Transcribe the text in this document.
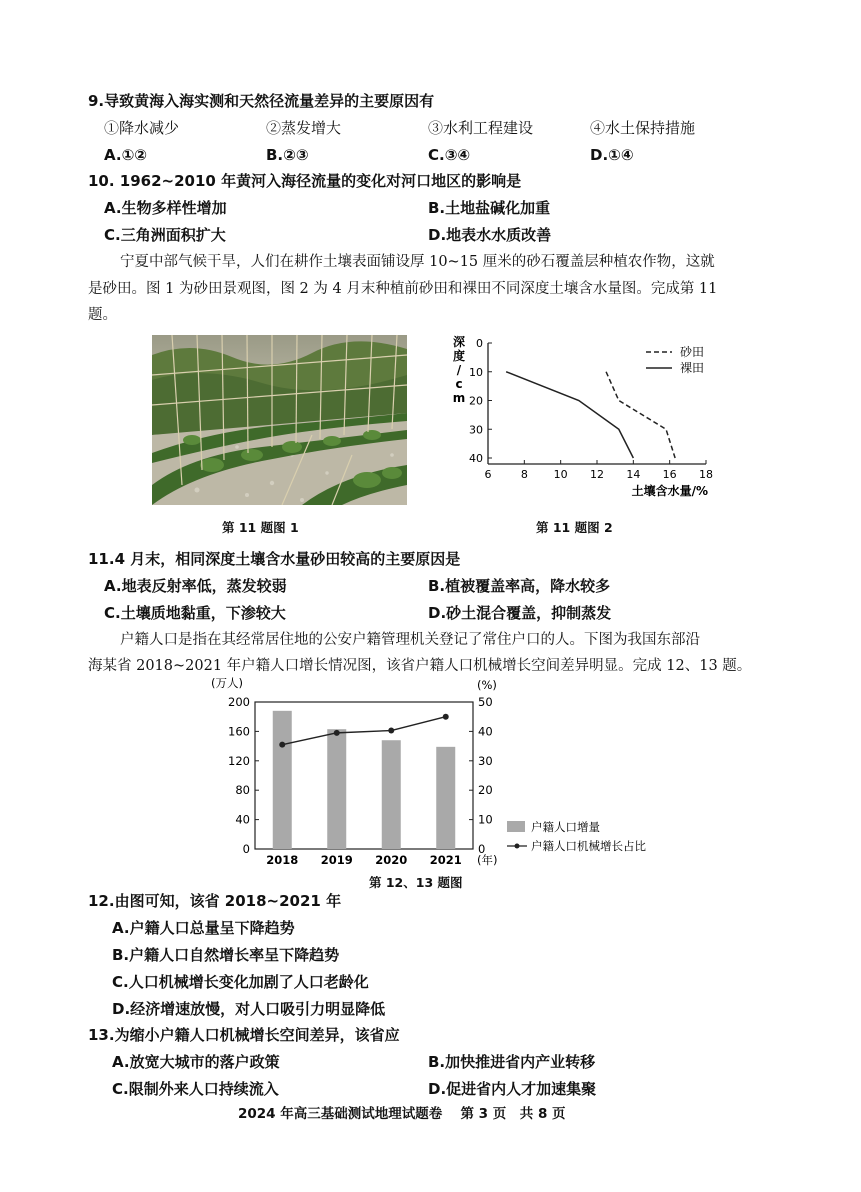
9.导致黄海入海实测和天然径流量差异的主要原因有
①降水减少	②蒸发增大	③水利工程建设	④水土保持措施
A.①②	B.②③	C.③④	D.①④
10. 1962~2010 年黄河入海径流量的变化对河口地区的影响是
A.生物多样性增加	B.土地盐碱化加重
C.三角洲面积扩大	D.地表水水质改善
宁夏中部气候干旱，人们在耕作土壤表面铺设厚 10~15 厘米的砂石覆盖层种植农作物，这就
是砂田。图 1 为砂田景观图，图 2 为 4 月末种植前砂田和裸田不同深度土壤含水量图。完成第 11
题。
第 11 题图 1
0
10
20
30
40
6	8 10 12 14 16 18
深
度
/
c
m
土壤含水量/%
砂田
裸田
第 11 题图 2
11.4 月末，相同深度土壤含水量砂田较高的主要原因是
A.地表反射率低，蒸发较弱	B.植被覆盖率高，降水较多
C.土壤质地黏重，下渗较大	D.砂土混合覆盖，抑制蒸发
户籍人口是指在其经常居住地的公安户籍管理机关登记了常住户口的人。下图为我国东部沿
海某省 2018~2021 年户籍人口增长情况图，该省户籍人口机械增长空间差异明显。完成 12、13 题。
0
40
80
120
160
200
0
10
20
30
40
50
(万人)	(%)
2018 2019 2020 2021 (年)
户籍人口增量
户籍人口机械增长占比
第 12、13 题图
12.由图可知，该省 2018~2021 年
A.户籍人口总量呈下降趋势
B.户籍人口自然增长率呈下降趋势
C.人口机械增长变化加剧了人口老龄化
D.经济增速放慢，对人口吸引力明显降低
13.为缩小户籍人口机械增长空间差异，该省应
A.放宽大城市的落户政策	B.加快推进省内产业转移
C.限制外来人口持续流入	D.促进省内人才加速集聚
2024 年高三基础测试地理试题卷　 第 3 页　共 8 页
